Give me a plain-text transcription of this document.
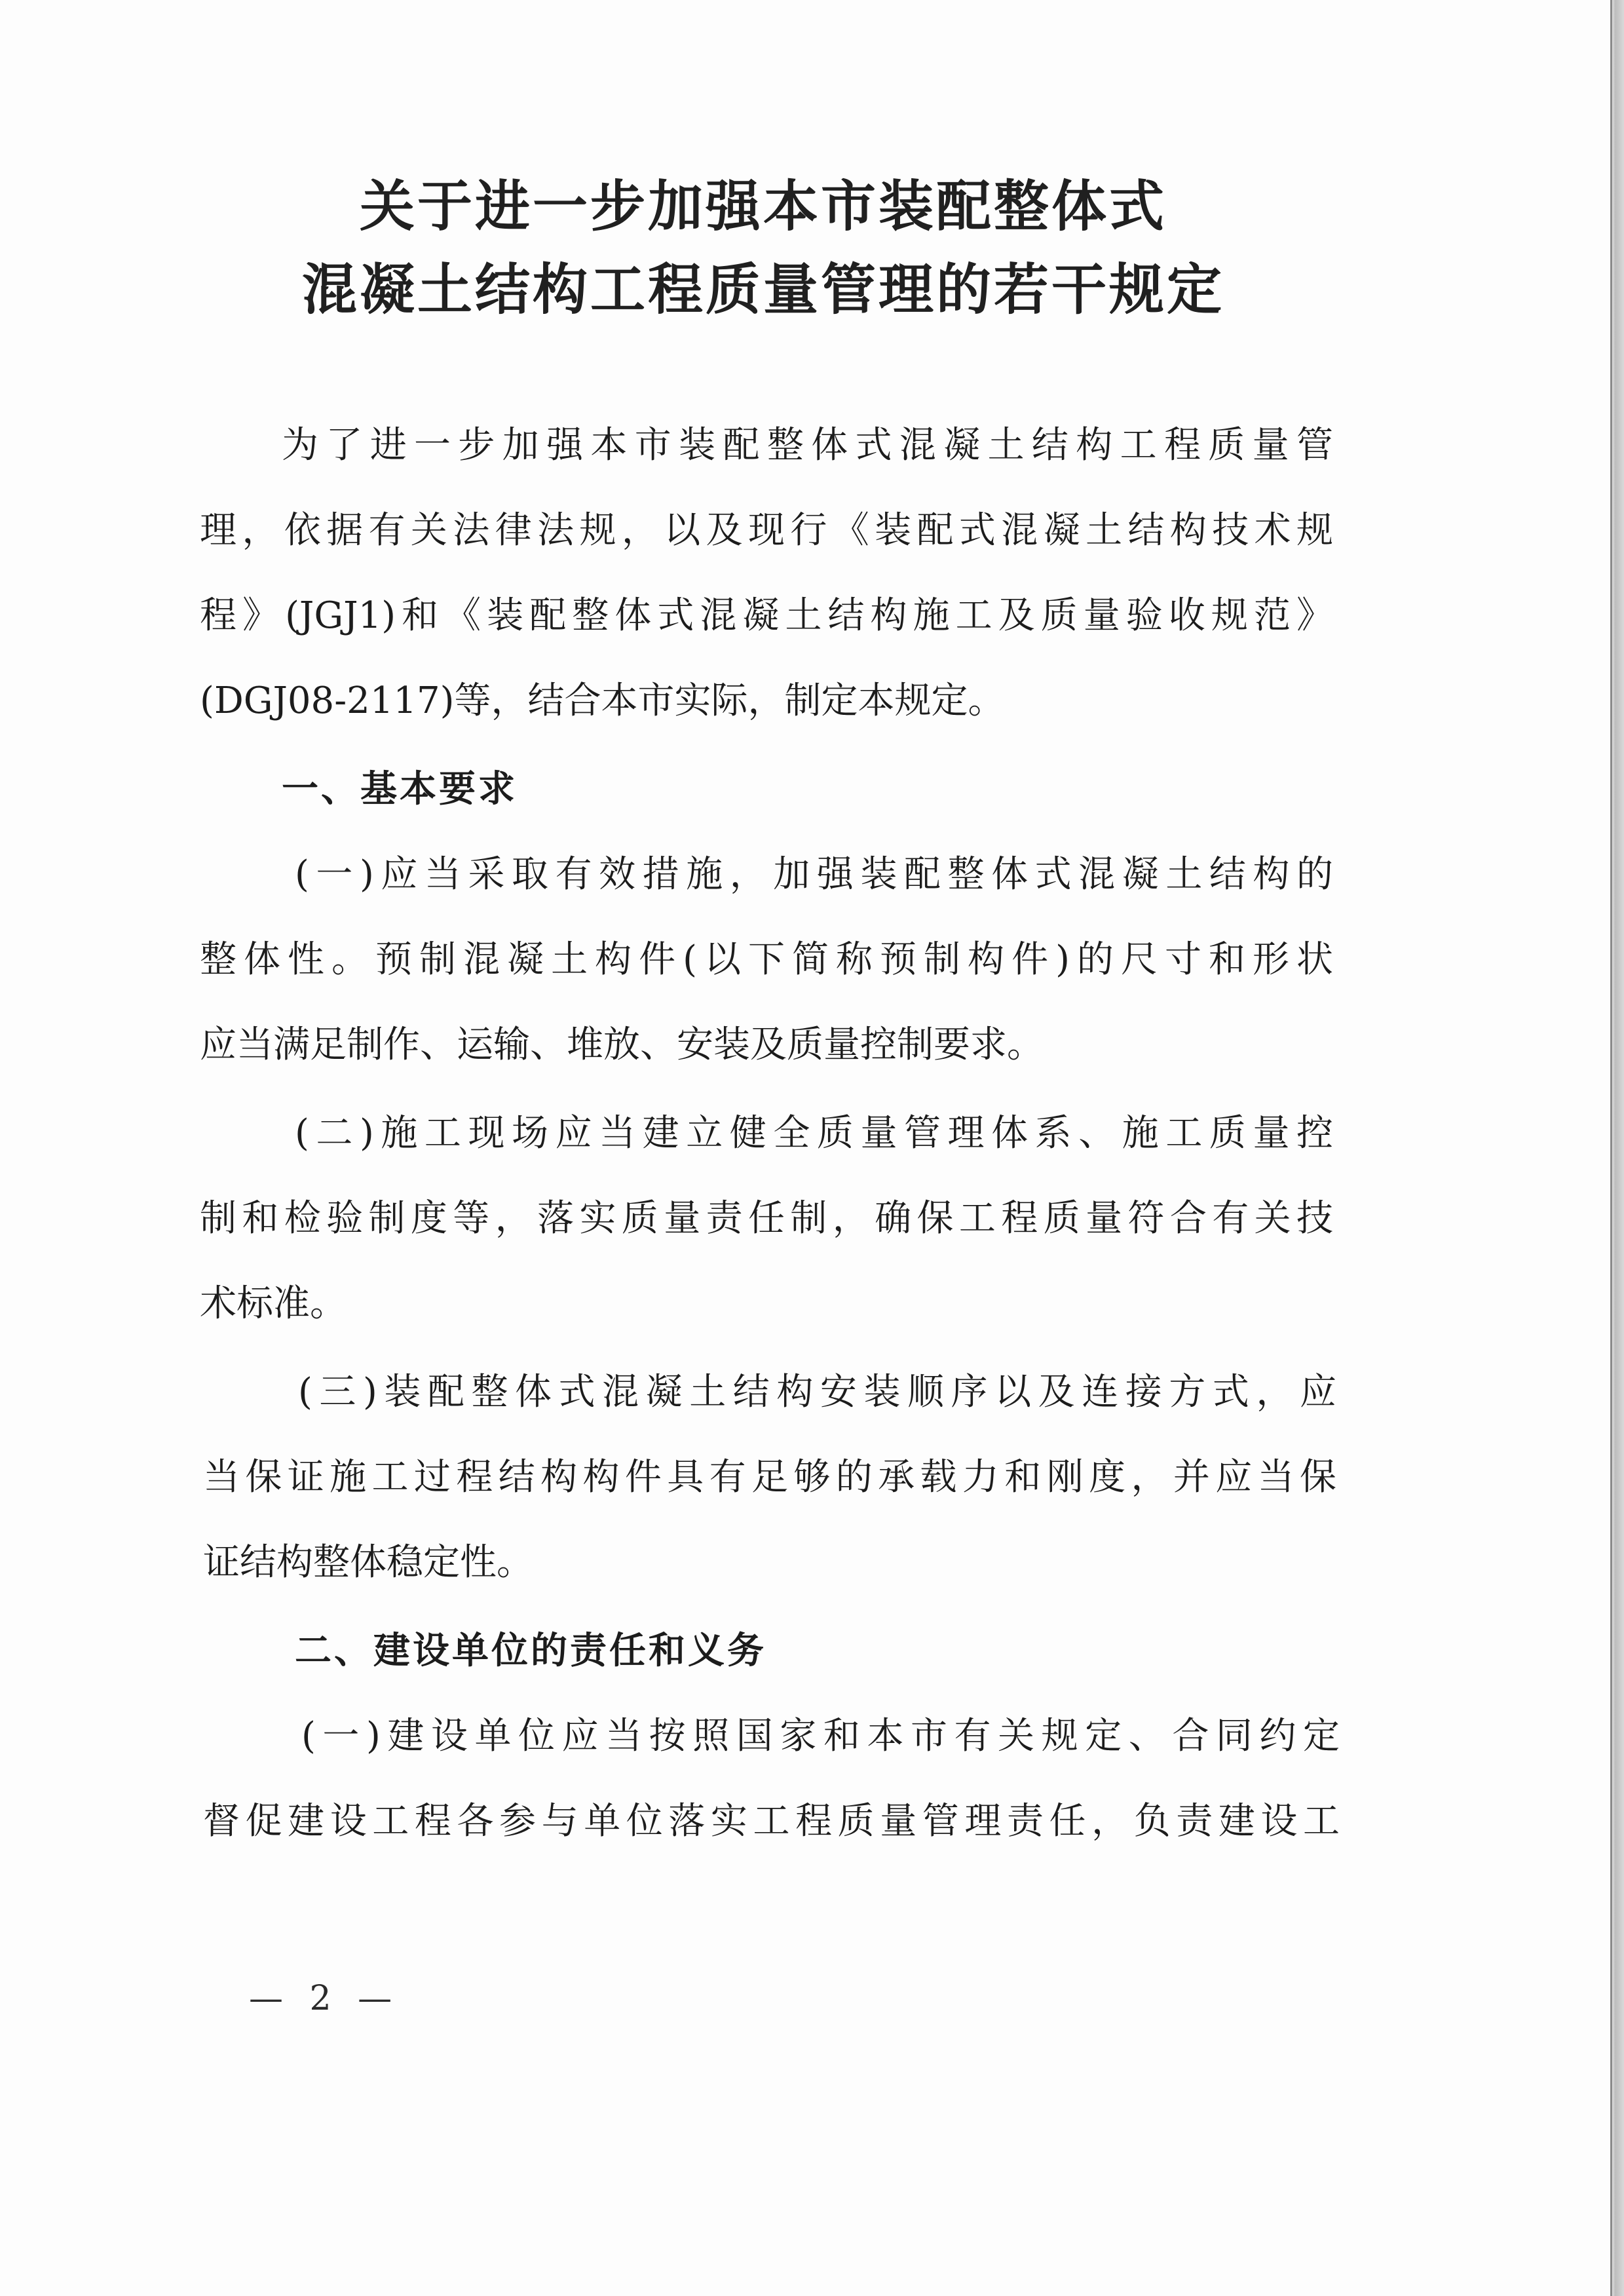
关于进一步加强本市装配整体式
混凝土结构工程质量管理的若干规定
为了进一步加强本市装配整体式混凝土结构工程质量管
理，依据有关法律法规，以及现行《装配式混凝土结构技术规
程》(JGJ1)和《装配整体式混凝土结构施工及质量验收规范》
(DGJ08-2117)等，结合本市实际，制定本规定。
一、基本要求
(一)应当采取有效措施，加强装配整体式混凝土结构的
整体性。预制混凝土构件(以下简称预制构件)的尺寸和形状
应当满足制作、运输、堆放、安装及质量控制要求。
(二)施工现场应当建立健全质量管理体系、施工质量控
制和检验制度等，落实质量责任制，确保工程质量符合有关技
术标准。
(三)装配整体式混凝土结构安装顺序以及连接方式，应
当保证施工过程结构构件具有足够的承载力和刚度，并应当保
证结构整体稳定性。
二、建设单位的责任和义务
(一)建设单位应当按照国家和本市有关规定、合同约定
督促建设工程各参与单位落实工程质量管理责任，负责建设工
— 2 —
